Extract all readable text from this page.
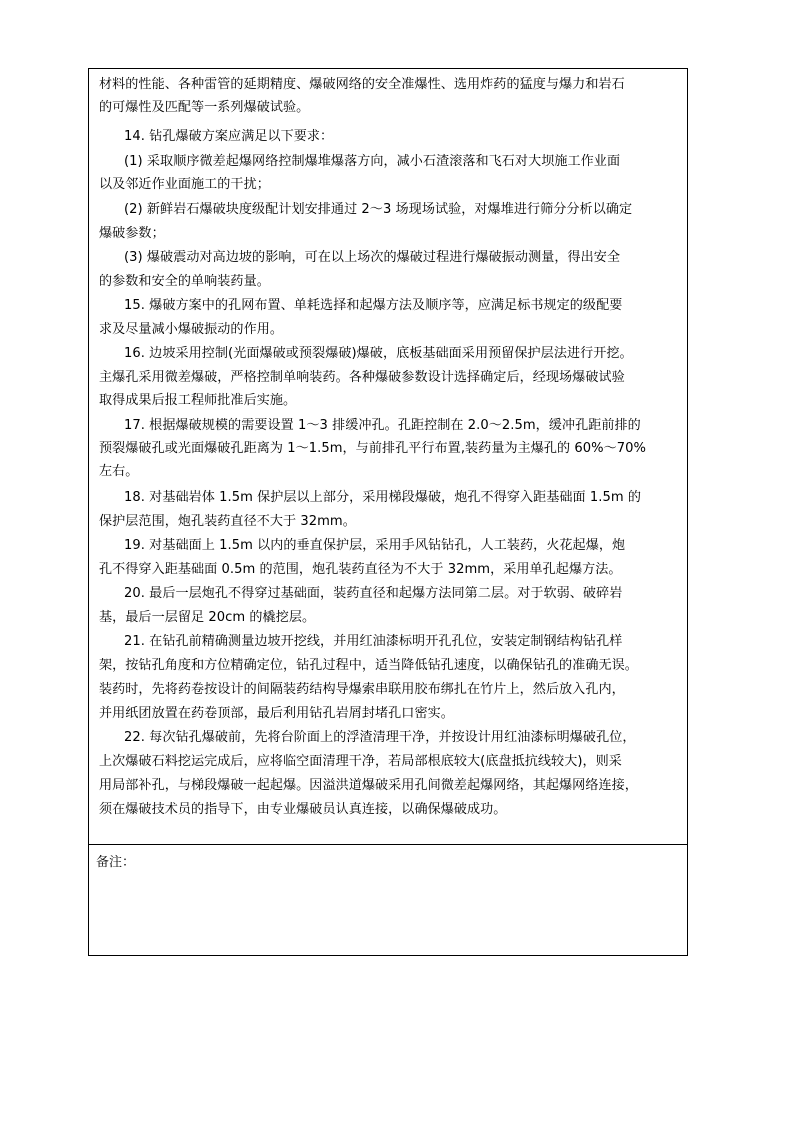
材料的性能、各种雷管的延期精度、爆破网络的安全准爆性、选用炸药的猛度与爆力和岩石
的可爆性及匹配等一系列爆破试验。
14. 钻孔爆破方案应满足以下要求：
(1) 采取顺序微差起爆网络控制爆堆爆落方向，减小石渣滚落和飞石对大坝施工作业面
以及邻近作业面施工的干扰；
(2) 新鲜岩石爆破块度级配计划安排通过 2～3 场现场试验，对爆堆进行筛分分析以确定
爆破参数；
(3) 爆破震动对高边坡的影响，可在以上场次的爆破过程进行爆破振动测量，得出安全
的参数和安全的单响装药量。
15. 爆破方案中的孔网布置、单耗选择和起爆方法及顺序等，应满足标书规定的级配要
求及尽量减小爆破振动的作用。
16. 边坡采用控制(光面爆破或预裂爆破)爆破，底板基础面采用预留保护层法进行开挖。
主爆孔采用微差爆破，严格控制单响装药。各种爆破参数设计选择确定后，经现场爆破试验
取得成果后报工程师批准后实施。
17. 根据爆破规模的需要设置 1～3 排缓冲孔。孔距控制在 2.0～2.5m，缓冲孔距前排的
预裂爆破孔或光面爆破孔距离为 1～1.5m，与前排孔平行布置,装药量为主爆孔的 60%～70%
左右。
18. 对基础岩体 1.5m 保护层以上部分，采用梯段爆破，炮孔不得穿入距基础面 1.5m 的
保护层范围，炮孔装药直径不大于 32mm。
19. 对基础面上 1.5m 以内的垂直保护层，采用手风钻钻孔，人工装药，火花起爆，炮
孔不得穿入距基础面 0.5m 的范围，炮孔装药直径为不大于 32mm，采用单孔起爆方法。
20. 最后一层炮孔不得穿过基础面，装药直径和起爆方法同第二层。对于软弱、破碎岩
基，最后一层留足 20cm 的橇挖层。
21. 在钻孔前精确测量边坡开挖线，并用红油漆标明开孔孔位，安装定制钢结构钻孔样
架，按钻孔角度和方位精确定位，钻孔过程中，适当降低钻孔速度，以确保钻孔的准确无误。
装药时，先将药卷按设计的间隔装药结构导爆索串联用胶布绑扎在竹片上，然后放入孔内，
并用纸团放置在药卷顶部，最后利用钻孔岩屑封堵孔口密实。
22. 每次钻孔爆破前，先将台阶面上的浮渣清理干净，并按设计用红油漆标明爆破孔位，
上次爆破石料挖运完成后，应将临空面清理干净，若局部根底较大(底盘抵抗线较大)，则采
用局部补孔，与梯段爆破一起起爆。因溢洪道爆破采用孔间微差起爆网络，其起爆网络连接，
须在爆破技术员的指导下，由专业爆破员认真连接，以确保爆破成功。
备注：
